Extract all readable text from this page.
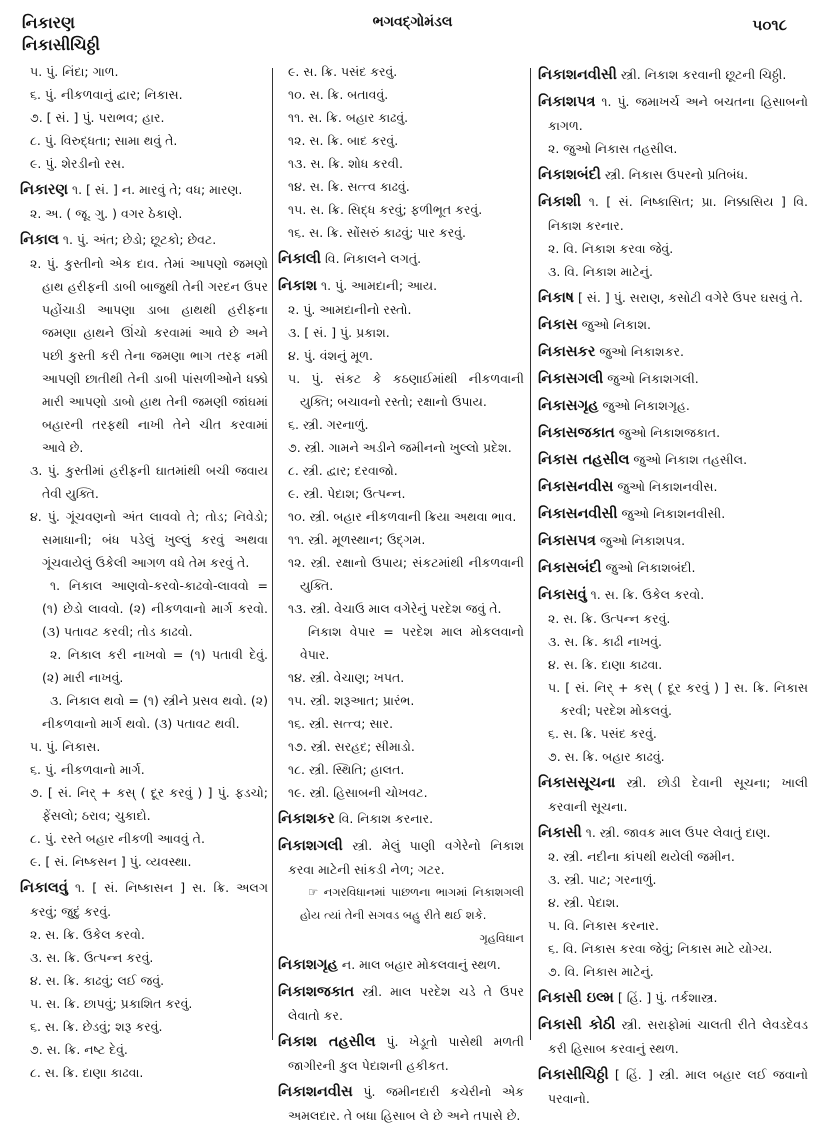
નિકારણ
નિકાસીચિઠ્ઠી
ભગવદ્ગોમંડલ	૫૦૧૮

૫. પું. નિંદા; ગાળ.

૬. પું. નીકળવાનું દ્વાર; નિકાસ.

૭. [ સં. ] પું. પરાભવ; હાર.

૮. પું. વિરુદ્ધતા; સામા થવું તે.

૯. પું. શેરડીનો રસ.

નિકારણ ૧. [ સં. ] ન. મારવું તે; વધ; મારણ.

૨. અ. ( જૂ. ગુ. ) વગર ઠેકાણે.

નિકાલ ૧. પું. અંત; છેડો; છૂટકો; છેવટ.

૨. પું. કુસ્તીનો એક દાવ. તેમાં આપણો જમણો હાથ હરીફની ડાબી બાજુથી તેની ગરદન ઉપર પહોંચાડી આપણા ડાબા હાથથી હરીફના જમણા હાથને ઊંચો કરવામાં આવે છે અને પછી કુસ્તી કરી તેના જમણા ભાગ તરફ નમી આપણી છાતીથી તેની ડાબી પાંસળીઓને ધક્કો મારી આપણો ડાબો હાથ તેની જમણી જાંઘમાં બહારની તરફથી નાખી તેને ચીત કરવામાં આવે છે.

૩. પું. કુસ્તીમાં હરીફની ઘાતમાંથી બચી જવાય તેવી યુક્તિ.

૪. પું. ગૂંચવણનો અંત લાવવો તે; તોડ; નિવેડો; સમાધાની; બંધ પડેલું ખુલ્લું કરવું અથવા ગૂંચવાયેલું ઉકેલી આગળ વધે તેમ કરવું તે.

૧. નિકાલ આણવો-કરવો-કાઢવો-લાવવો = (૧) છેડો લાવવો. (૨) નીકળવાનો માર્ગ કરવો. (૩) પતાવટ કરવી; તોડ કાઢવો.

૨. નિકાલ કરી નાખવો = (૧) પતાવી દેવું. (૨) મારી નાખવું.

૩. નિકાલ થવો = (૧) સ્ત્રીને પ્રસવ થવો. (૨) નીકળવાનો માર્ગ થવો. (૩) પતાવટ થવી.

૫. પું. નિકાસ.

૬. પું. નીકળવાનો માર્ગ.

૭. [ સં. નિર્ + કસ્ ( દૂર કરવું ) ] પું. ફડચો; ફેંસલો; ઠરાવ; ચુકાદો.

૮. પું. રસ્તે બહાર નીકળી આવવું તે.

૯. [ સં. નિષ્કસન ] પું. વ્યવસ્થા.

નિકાલવું ૧. [ સં. નિષ્કાસન ] સ. ક્રિ. અલગ કરવું; જુદું કરવું.

૨. સ. ક્રિ. ઉકેલ કરવો.

૩. સ. ક્રિ. ઉત્પન્ન કરવું.

૪. સ. ક્રિ. કાઢવું; લઈ જવું.

૫. સ. ક્રિ. છાપવું; પ્રકાશિત કરવું.

૬. સ. ક્રિ. છેડવું; શરૂ કરવું.

૭. સ. ક્રિ. નષ્ટ દેવું.

૮. સ. ક્રિ. દાણા કાઢવા.

૯. સ. ક્રિ. પસંદ કરવું.

૧૦. સ. ક્રિ. બતાવવું.

૧૧. સ. ક્રિ. બહાર કાઢવું.

૧૨. સ. ક્રિ. બાદ કરવું.

૧૩. સ. ક્રિ. શોધ કરવી.

૧૪. સ. ક્રિ. સત્ત્વ કાઢવું.

૧૫. સ. ક્રિ. સિદ્ધ કરવું; ફળીભૂત કરવું.

૧૬. સ. ક્રિ. સોંસરું કાઢવું; પાર કરવું.

નિકાલી વિ. નિકાલને લગતું.

નિકાશ ૧. પું. આમદાની; આય.

૨. પું. આમદાનીનો રસ્તો.

૩. [ સં. ] પું. પ્રકાશ.

૪. પું. વંશનું મૂળ.

૫. પું. સંકટ કે કઠણાઈમાંથી નીકળવાની યુક્તિ; બચાવનો રસ્તો; રક્ષાનો ઉપાય.

૬. સ્ત્રી. ગરનાળું.

૭. સ્ત્રી. ગામને અડીને જમીનનો ખુલ્લો પ્રદેશ.

૮. સ્ત્રી. દ્વાર; દરવાજો.

૯. સ્ત્રી. પેદાશ; ઉત્પન્ન.

૧૦. સ્ત્રી. બહાર નીકળવાની ક્રિયા અથવા ભાવ.

૧૧. સ્ત્રી. મૂળસ્થાન; ઉદ્ગમ.

૧૨. સ્ત્રી. રક્ષાનો ઉપાય; સંકટમાંથી નીકળવાની યુક્તિ.

૧૩. સ્ત્રી. વેચાઉ માલ વગેરેનું પરદેશ જવું તે.

નિકાશ વેપાર = પરદેશ માલ મોકલવાનો વેપાર.

૧૪. સ્ત્રી. વેચાણ; ખપત.

૧૫. સ્ત્રી. શરૂઆત; પ્રારંભ.

૧૬. સ્ત્રી. સત્ત્વ; સાર.

૧૭. સ્ત્રી. સરહદ; સીમાડો.

૧૮. સ્ત્રી. સ્થિતિ; હાલત.

૧૯. સ્ત્રી. હિસાબની ચોખવટ.

નિકાશકર વિ. નિકાશ કરનાર.

નિકાશગલી સ્ત્રી. મેલું પાણી વગેરેનો નિકાશ કરવા માટેની સાંકડી નેળ; ગટર.

☞ નગરવિધાનમાં પાછળના ભાગમાં નિકાશગલી હોય ત્યાં તેની સગવડ બહુ રીતે થઈ શકે.

ગૃહવિધાન

નિકાશગૃહ ન. માલ બહાર મોકલવાનું સ્થળ.

નિકાશજકાત સ્ત્રી. માલ પરદેશ ચડે તે ઉપર લેવાતો કર.

નિકાશ તહસીલ પું. ખેડૂતો પાસેથી મળતી જાગીરની કુલ પેદાશની હકીકત.

નિકાશનવીસ પું. જમીનદારી કચેરીનો એક અમલદાર. તે બધા હિસાબ લે છે અને તપાસે છે.

નિકાશનવીસી સ્ત્રી. નિકાશ કરવાની છૂટની ચિઠ્ઠી.

નિકાશપત્ર ૧. પું. જમાખર્ચ અને બચતના હિસાબનો કાગળ.

૨. જુઓ નિકાસ તહસીલ.

નિકાશબંદી સ્ત્રી. નિકાસ ઉપરનો પ્રતિબંધ.

નિકાશી ૧. [ સં. નિષ્કાસિત; પ્રા. નિક્કાસિય ] વિ. નિકાશ કરનાર.

૨. વિ. નિકાશ કરવા જેવું.

૩. વિ. નિકાશ માટેનું.

નિકાષ [ સં. ] પું. સરાણ, કસોટી વગેરે ઉપર ઘસવું તે.

નિકાસ જુઓ નિકાશ.

નિકાસકર જુઓ નિકાશકર.

નિકાસગલી જુઓ નિકાશગલી.

નિકાસગૃહ જુઓ નિકાશગૃહ.

નિકાસજકાત જુઓ નિકાશજકાત.

નિકાસ તહસીલ જુઓ નિકાશ તહસીલ.

નિકાસનવીસ જુઓ નિકાશનવીસ.

નિકાસનવીસી જુઓ નિકાશનવીસી.

નિકાસપત્ર જુઓ નિકાશપત્ર.

નિકાસબંદી જુઓ નિકાશબંદી.

નિકાસવું ૧. સ. ક્રિ. ઉકેલ કરવો.

૨. સ. ક્રિ. ઉત્પન્ન કરવું.

૩. સ. ક્રિ. કાઢી નાખવું.

૪. સ. ક્રિ. દાણા કાઢવા.

૫. [ સં. નિર્ + કસ્ ( દૂર કરવું ) ] સ. ક્રિ. નિકાસ કરવી; પરદેશ મોકલવું.

૬. સ. ક્રિ. પસંદ કરવું.

૭. સ. ક્રિ. બહાર કાઢવું.

નિકાસસૂચના સ્ત્રી. છોડી દેવાની સૂચના; ખાલી કરવાની સૂચના.

નિકાસી ૧. સ્ત્રી. જાવક માલ ઉપર લેવાતું દાણ.

૨. સ્ત્રી. નદીના કાંપથી થયેલી જમીન.

૩. સ્ત્રી. પાટ; ગરનાળું.

૪. સ્ત્રી. પેદાશ.

૫. વિ. નિકાસ કરનાર.

૬. વિ. નિકાસ કરવા જેવું; નિકાસ માટે યોગ્ય.

૭. વિ. નિકાસ માટેનું.

નિકાસી ઇલ્મ [ હિં. ] પું. તર્કશાસ્ત્ર.

નિકાસી કોઠી સ્ત્રી. સરાફોમાં ચાલતી રીતે લેવડદેવડ કરી હિસાબ કરવાનું સ્થળ.

નિકાસીચિઠ્ઠી [ હિં. ] સ્ત્રી. માલ બહાર લઈ જવાનો પરવાનો.
